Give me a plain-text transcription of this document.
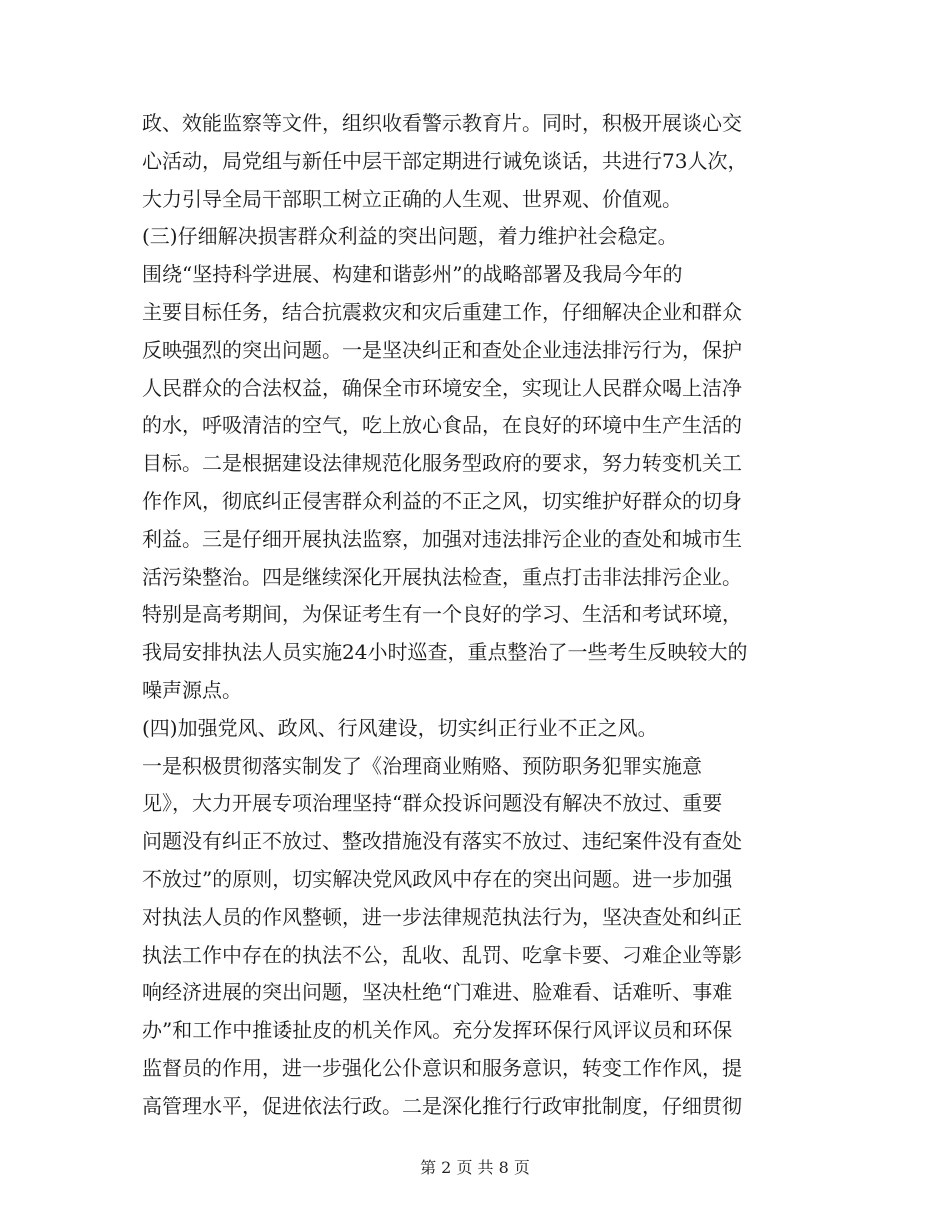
政、效能监察等文件，组织收看警示教育片。同时，积极开展谈心交
心活动，局党组与新任中层干部定期进行诫免谈话，共进行73人次，
大力引导全局干部职工树立正确的人生观、世界观、价值观。
(三)仔细解决损害群众利益的突出问题，着力维护社会稳定。
围绕“坚持科学进展、构建和谐彭州”的战略部署及我局今年的
主要目标任务，结合抗震救灾和灾后重建工作，仔细解决企业和群众
反映强烈的突出问题。一是坚决纠正和查处企业违法排污行为，保护
人民群众的合法权益，确保全市环境安全，实现让人民群众喝上洁净
的水，呼吸清洁的空气，吃上放心食品，在良好的环境中生产生活的
目标。二是根据建设法律规范化服务型政府的要求，努力转变机关工
作作风，彻底纠正侵害群众利益的不正之风，切实维护好群众的切身
利益。三是仔细开展执法监察，加强对违法排污企业的查处和城市生
活污染整治。四是继续深化开展执法检查，重点打击非法排污企业。
特别是高考期间，为保证考生有一个良好的学习、生活和考试环境，
我局安排执法人员实施24小时巡查，重点整治了一些考生反映较大的
噪声源点。
(四)加强党风、政风、行风建设，切实纠正行业不正之风。
一是积极贯彻落实制发了《治理商业贿赂、预防职务犯罪实施意
见》，大力开展专项治理坚持“群众投诉问题没有解决不放过、重要
问题没有纠正不放过、整改措施没有落实不放过、违纪案件没有查处
不放过”的原则，切实解决党风政风中存在的突出问题。进一步加强
对执法人员的作风整顿，进一步法律规范执法行为，坚决查处和纠正
执法工作中存在的执法不公，乱收、乱罚、吃拿卡要、刁难企业等影
响经济进展的突出问题，坚决杜绝“门难进、脸难看、话难听、事难
办”和工作中推诿扯皮的机关作风。充分发挥环保行风评议员和环保
监督员的作用，进一步强化公仆意识和服务意识，转变工作作风，提
高管理水平，促进依法行政。二是深化推行行政审批制度，仔细贯彻
第 2 页 共 8 页
